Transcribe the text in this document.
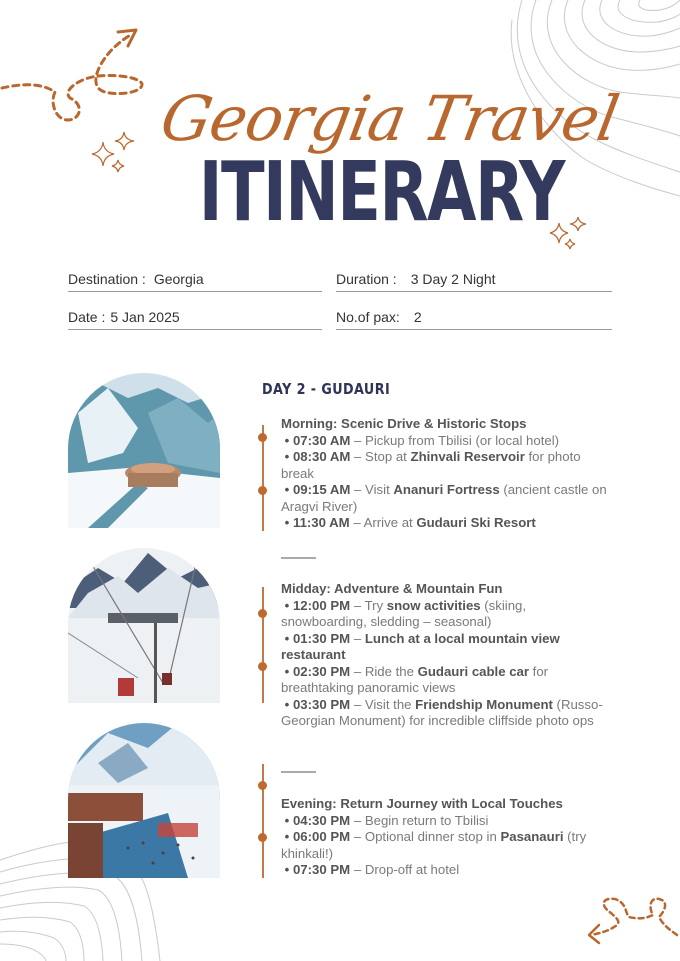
Georgia Travel
ITINERARY
Destination : Georgia	Duration : 3 Day 2 Night
Date : 5 Jan 2025	No.of pax: 2
DAY 2 - GUDAURI
Morning: Scenic Drive & Historic Stops
• 07:30 AM – Pickup from Tbilisi (or local hotel)
• 08:30 AM – Stop at Zhinvali Reservoir for photo break
• 09:15 AM – Visit Ananuri Fortress (ancient castle on Aragvi River)
• 11:30 AM – Arrive at Gudauri Ski Resort
Midday: Adventure & Mountain Fun
• 12:00 PM – Try snow activities (skiing, snowboarding, sledding – seasonal)
• 01:30 PM – Lunch at a local mountain view restaurant
• 02:30 PM – Ride the Gudauri cable car for breathtaking panoramic views
• 03:30 PM – Visit the Friendship Monument (Russo-Georgian Monument) for incredible cliffside photo ops
Evening: Return Journey with Local Touches
• 04:30 PM – Begin return to Tbilisi
• 06:00 PM – Optional dinner stop in Pasanauri (try khinkali!)
• 07:30 PM – Drop-off at hotel
